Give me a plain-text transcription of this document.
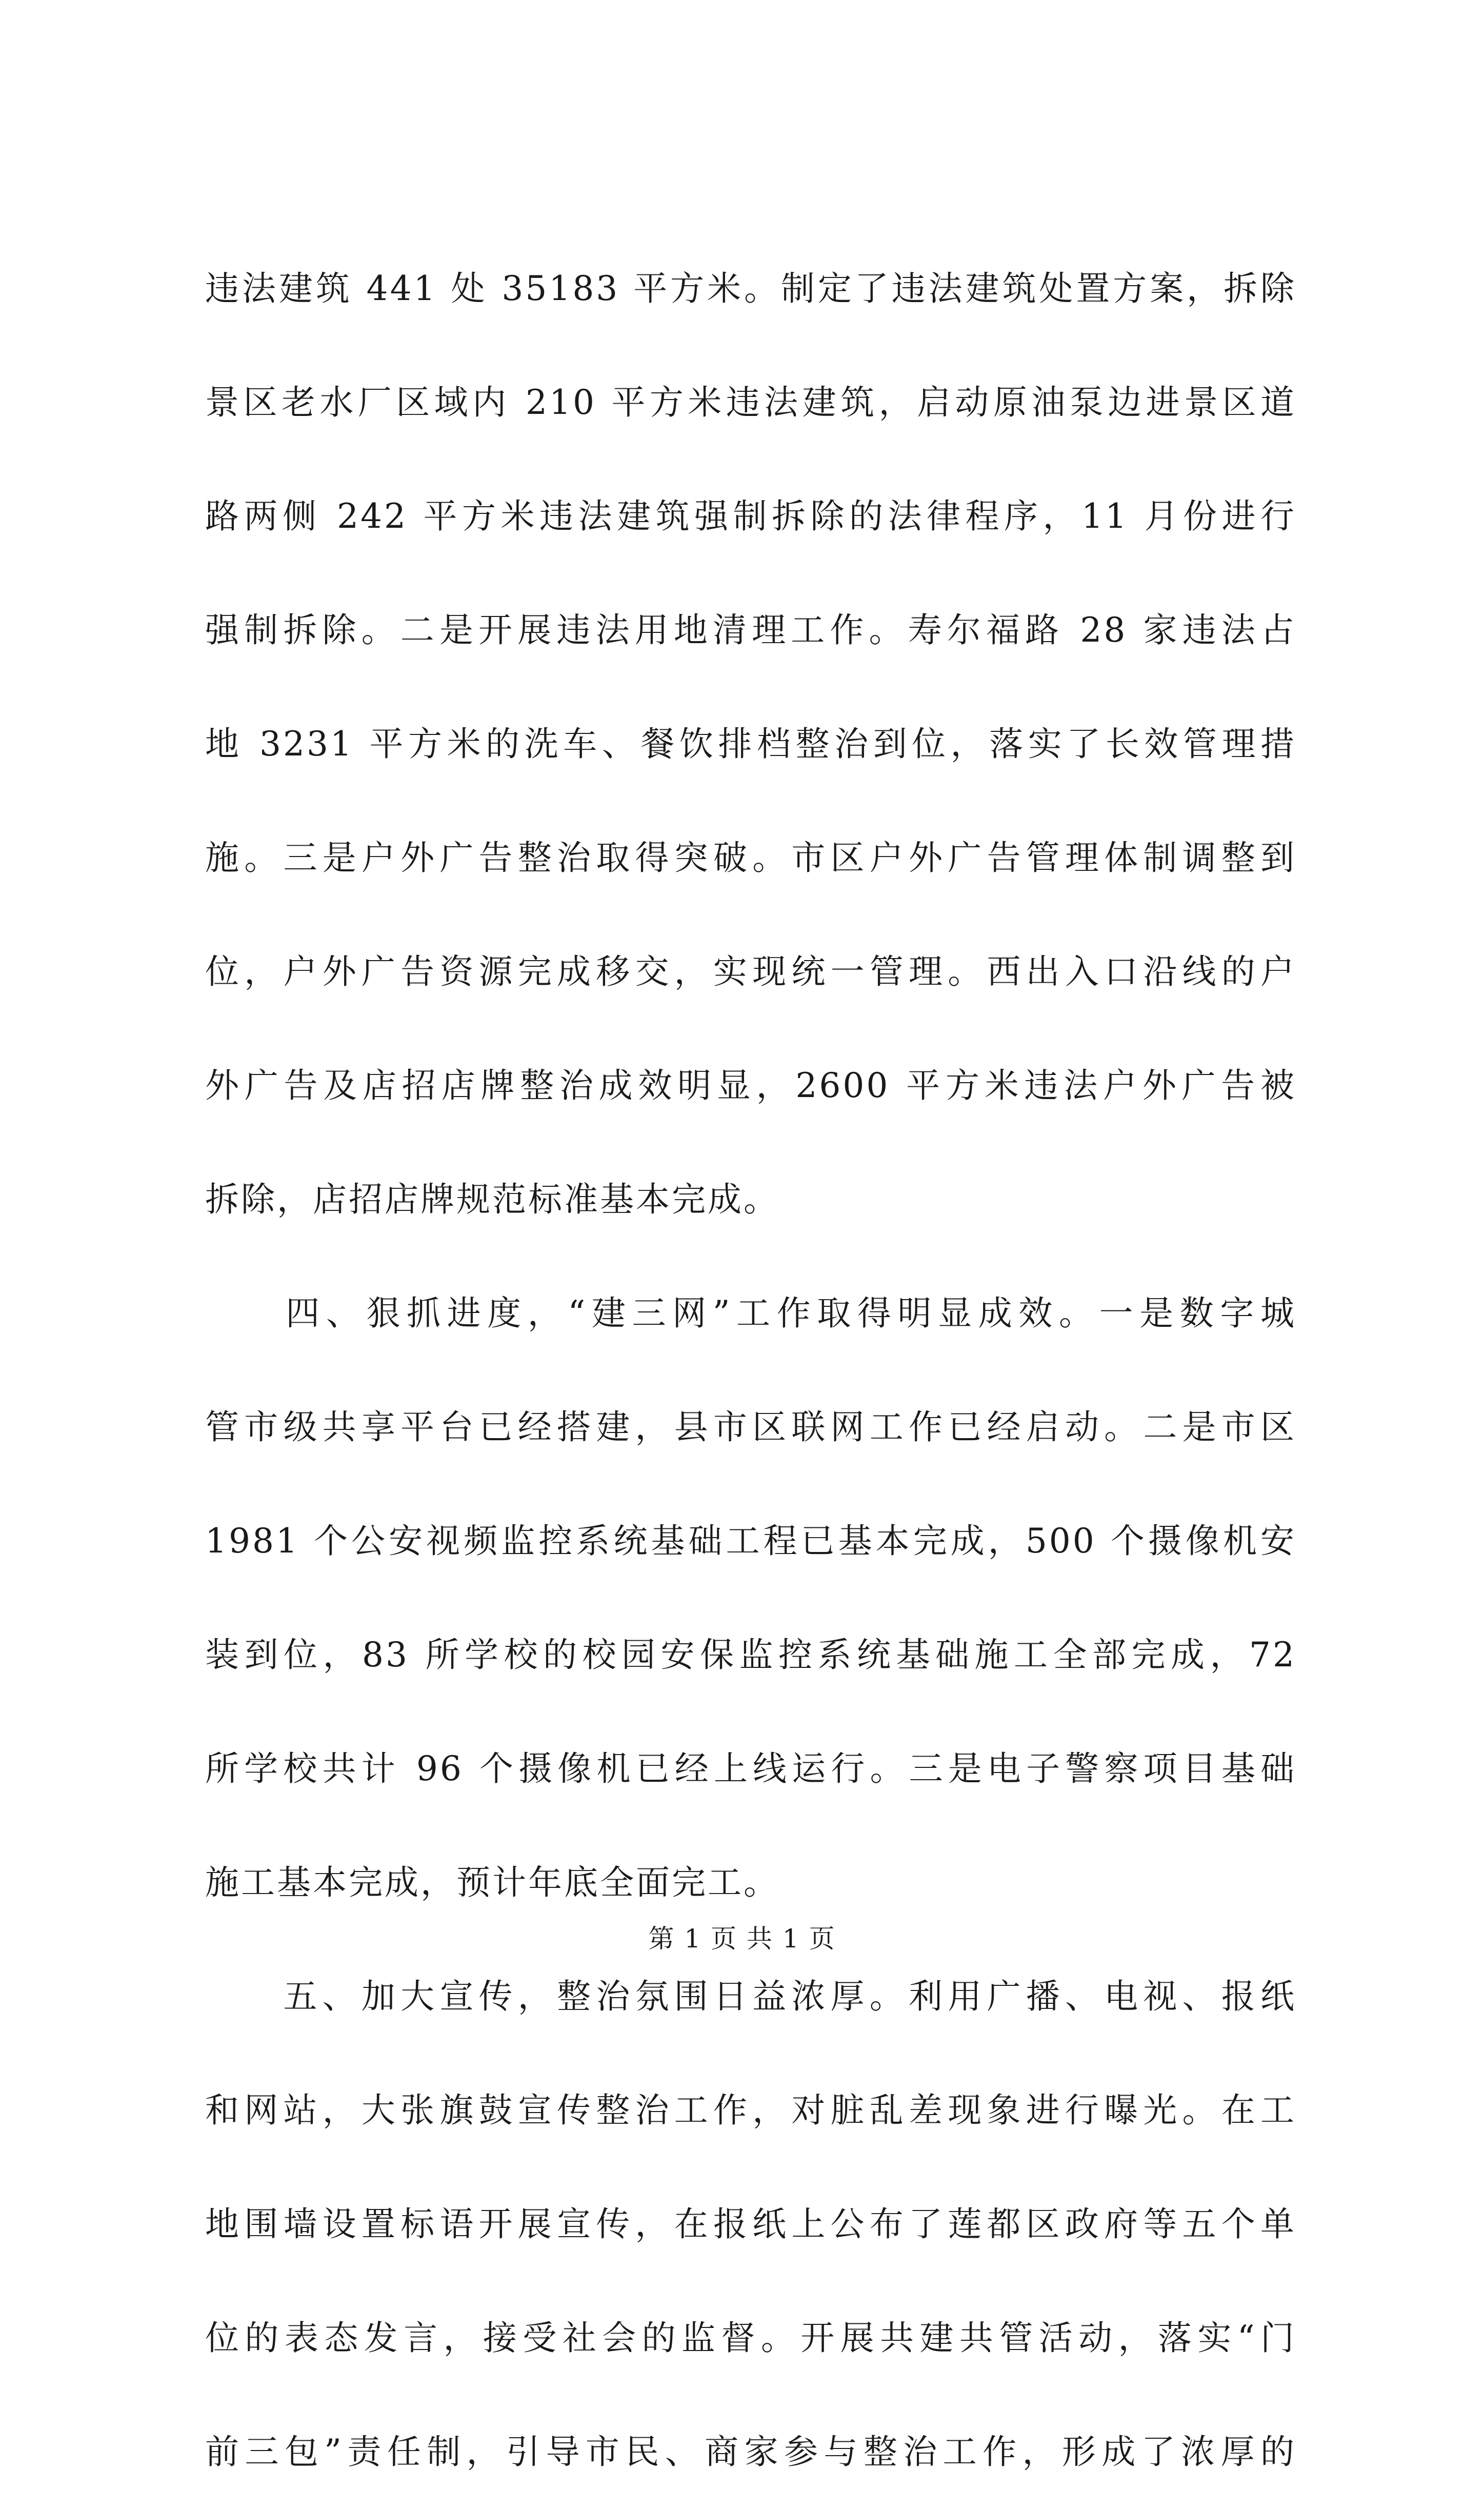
违法建筑 441 处 35183 平方米。制定了违法建筑处置方案，拆除
景区老水厂区域内 210 平方米违法建筑，启动原油泵边进景区道
路两侧 242 平方米违法建筑强制拆除的法律程序，11 月份进行
强制拆除。二是开展违法用地清理工作。寿尔福路 28 家违法占
地 3231 平方米的洗车、餐饮排档整治到位，落实了长效管理措
施。三是户外广告整治取得突破。市区户外广告管理体制调整到
位，户外广告资源完成移交，实现统一管理。西出入口沿线的户
外广告及店招店牌整治成效明显，2600 平方米违法户外广告被
拆除，店招店牌规范标准基本完成。
　　四、狠抓进度，“建三网”工作取得明显成效。一是数字城
管市级共享平台已经搭建，县市区联网工作已经启动。二是市区
1981 个公安视频监控系统基础工程已基本完成，500 个摄像机安
装到位，83 所学校的校园安保监控系统基础施工全部完成，72
所学校共计 96 个摄像机已经上线运行。三是电子警察项目基础
施工基本完成，预计年底全面完工。
　　五、加大宣传，整治氛围日益浓厚。利用广播、电视、报纸
和网站，大张旗鼓宣传整治工作，对脏乱差现象进行曝光。在工
地围墙设置标语开展宣传，在报纸上公布了莲都区政府等五个单
位的表态发言，接受社会的监督。开展共建共管活动，落实“门
前三包”责任制，引导市民、商家参与整治工作，形成了浓厚的
第 1 页 共 1 页
